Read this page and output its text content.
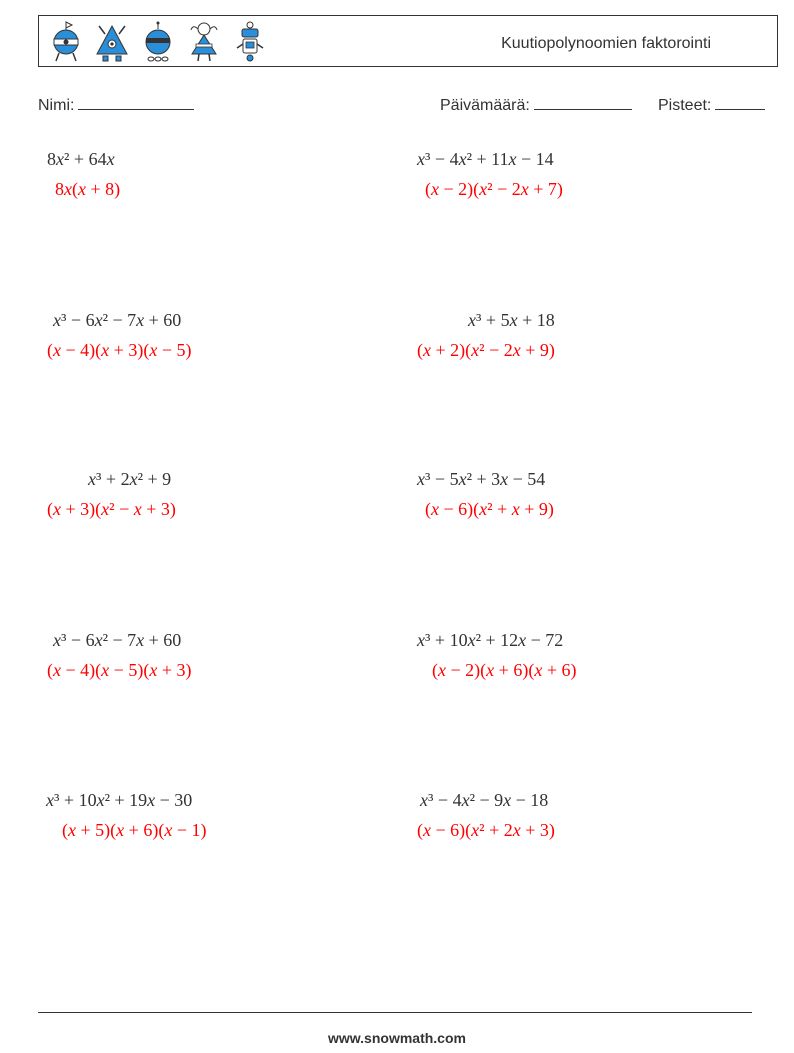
Kuutiopolynoomien faktorointi
Nimi:	Päivämäärä:	Pisteet:
8x² + 64x
8x(x + 8)
x³ − 4x² + 11x − 14
(x − 2)(x² − 2x + 7)
x³ − 6x² − 7x + 60
(x − 4)(x + 3)(x − 5)
x³ + 5x + 18
(x + 2)(x² − 2x + 9)
x³ + 2x² + 9
(x + 3)(x² − x + 3)
x³ − 5x² + 3x − 54
(x − 6)(x² + x + 9)
x³ − 6x² − 7x + 60
(x − 4)(x − 5)(x + 3)
x³ + 10x² + 12x − 72
(x − 2)(x + 6)(x + 6)
x³ + 10x² + 19x − 30
(x + 5)(x + 6)(x − 1)
x³ − 4x² − 9x − 18
(x − 6)(x² + 2x + 3)
www.snowmath.com
